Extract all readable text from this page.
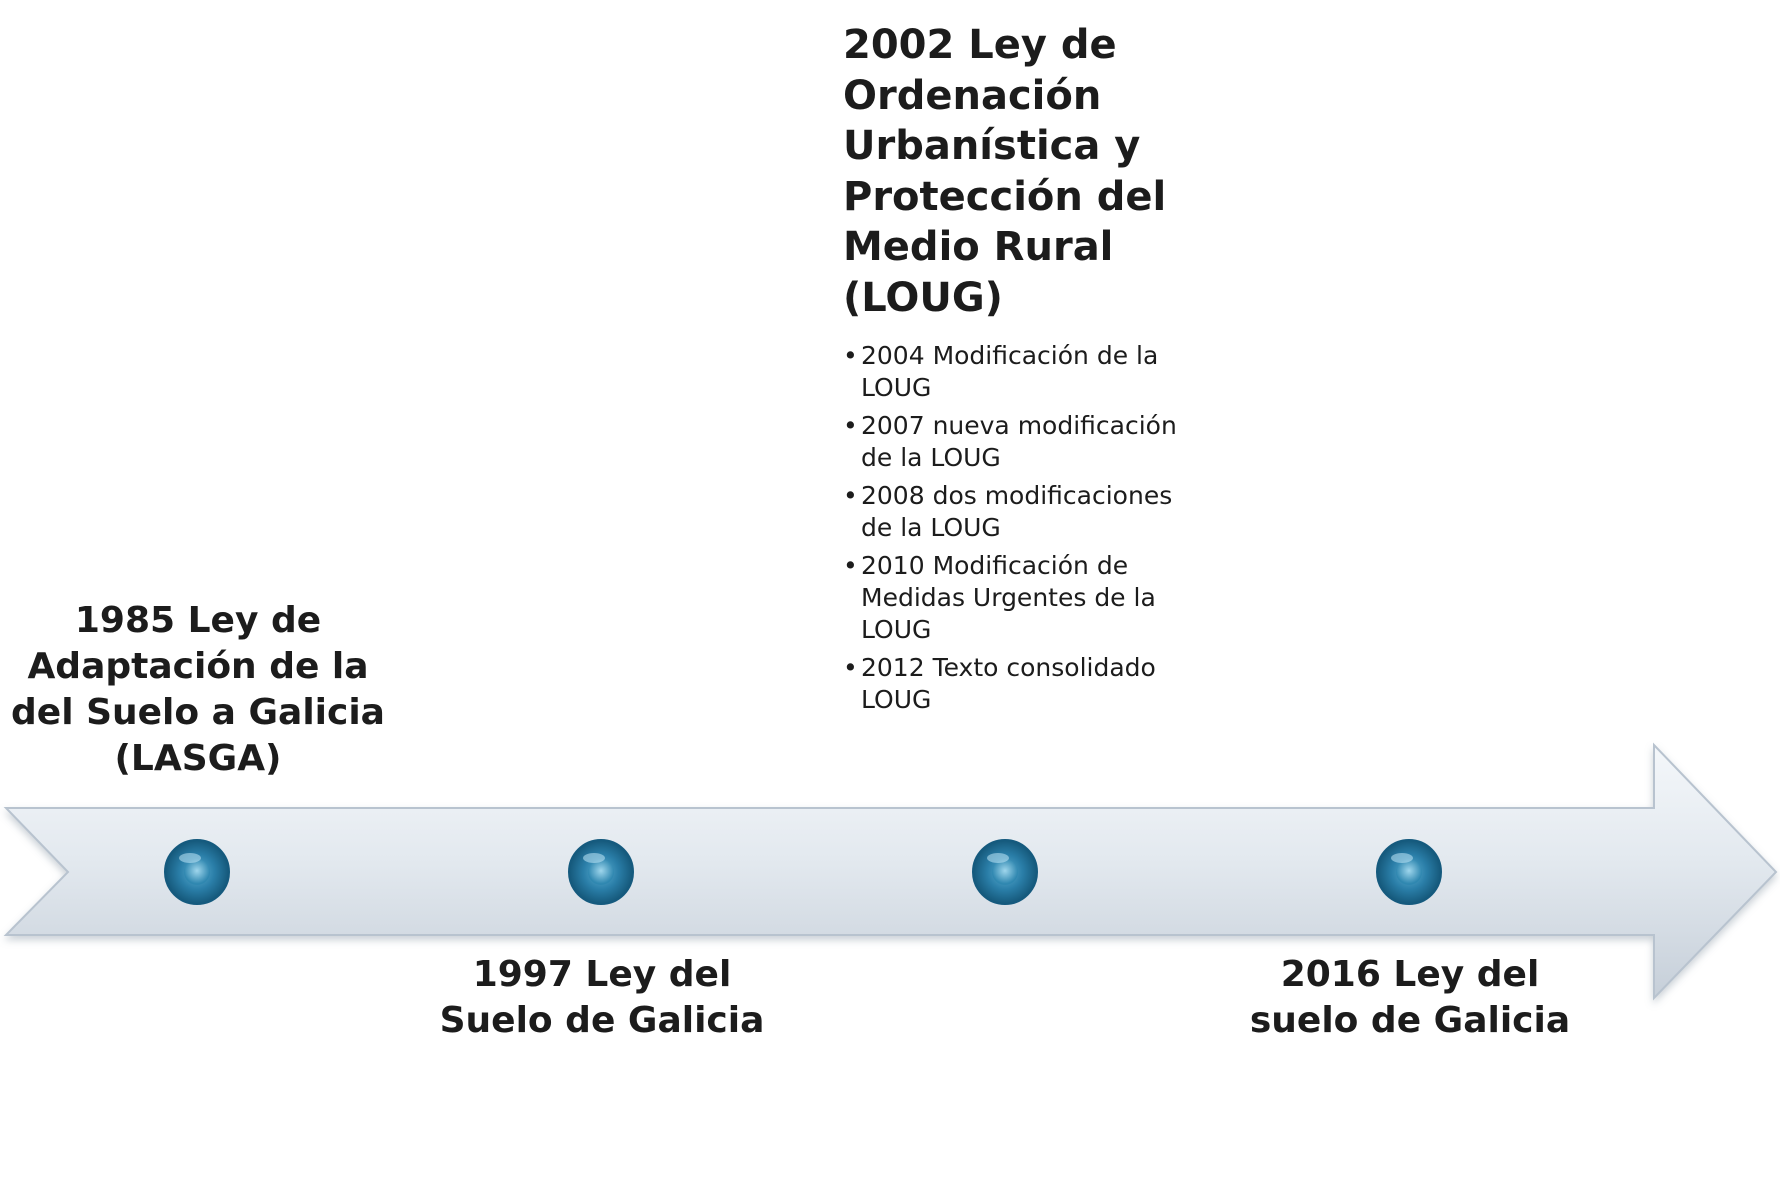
1985 Ley de Adaptación de la del Suelo a Galicia (LASGA)
1997 Ley del Suelo de Galicia
2002 Ley de Ordenación Urbanística y Protección del Medio Rural (LOUG)
• 2004 Modificación de la LOUG
• 2007 nueva modificación de la LOUG
• 2008 dos modificaciones de la LOUG
• 2010 Modificación de Medidas Urgentes de la LOUG
• 2012 Texto consolidado LOUG
2016 Ley del suelo de Galicia
